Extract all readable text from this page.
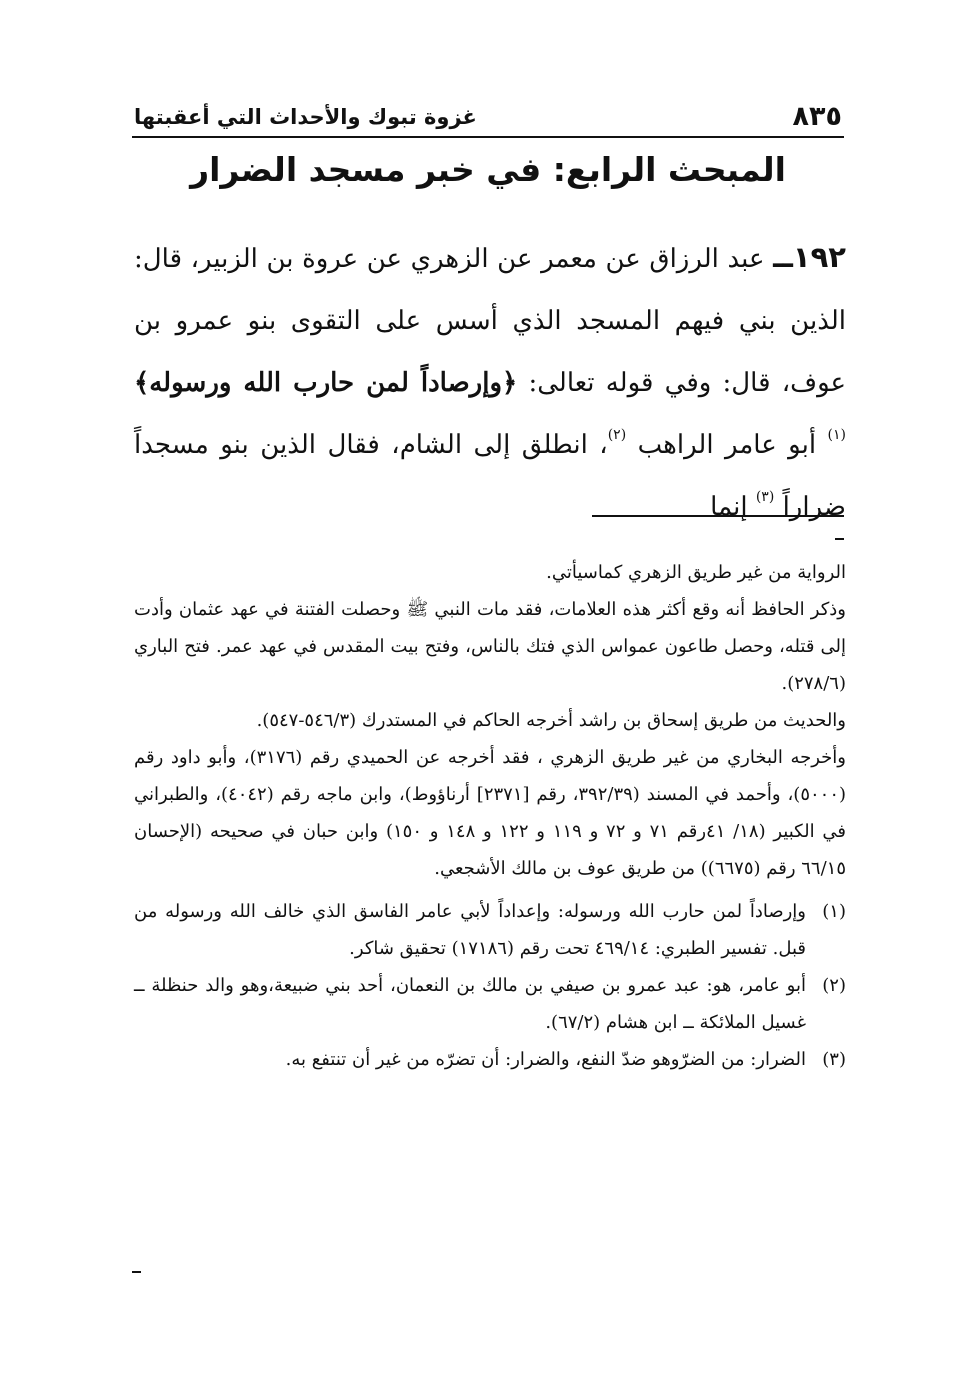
٨٣٥
غزوة تبوك والأحداث التي أعقبتها
المبحث الرابع: في خبر مسجد الضرار

١٩٢ــ عبد الرزاق عن معمر عن الزهري عن عروة بن الزبير، قال: الذين بني فيهم المسجد الذي أسس على التقوى بنو عمرو بن عوف، قال: وفي قوله تعالى: ﴿وإرصاداً لمن حارب الله ورسوله﴾ $^{(١)}$ أبو عامر الراهب $^{(٢)}$، انطلق إلى الشام، فقال الذين بنو مسجداً ضراراً $^{(٣)}$ إنما

الرواية من غير طريق الزهري كماسيأتي.

وذكر الحافظ أنه وقع أكثر هذه العلامات، فقد مات النبي ﷺ وحصلت الفتنة في عهد عثمان وأدت إلى قتله، وحصل طاعون عمواس الذي فتك بالناس، وفتح بيت المقدس في عهد عمر. فتح الباري (٢٧٨/٦).

والحديث من طريق إسحاق بن راشد أخرجه الحاكم في المستدرك (٥٤٦/٣-٥٤٧).

وأخرجه البخاري من غير طريق الزهري ، فقد أخرجه عن الحميدي رقم (٣١٧٦)، وأبو داود رقم (٥٠٠٠)، وأحمد في المسند (٣٩٢/٣٩، رقم [٢٣٧١] أرناؤوط)، وابن ماجه رقم (٤٠٤٢)، والطبراني في الكبير (١٨/ ٤١رقم ٧١ و ٧٢ و ١١٩ و ١٢٢ و ١٤٨ و ١٥٠) وابن حبان في صحيحه (الإحسان ٦٦/١٥ رقم (٦٦٧٥)) من طريق عوف بن مالك الأشجعي.

(١)
وإرصاداً لمن حارب الله ورسوله: وإعداداً لأبي عامر الفاسق الذي خالف الله ورسوله من قبل. تفسير الطبري: ٤٦٩/١٤ تحت رقم (١٧١٨٦) تحقيق شاكر.
(٢)
أبو عامر، هو: عبد عمرو بن صيفي بن مالك بن النعمان، أحد بني ضبيعة،وهو والد حنظلة ــ غسيل الملائكة ــ ابن هشام (٦٧/٢).
(٣)
الضرار: من الضرّوهو ضدّ النفع، والضرار: أن تضرّه من غير أن تنتفع به.
